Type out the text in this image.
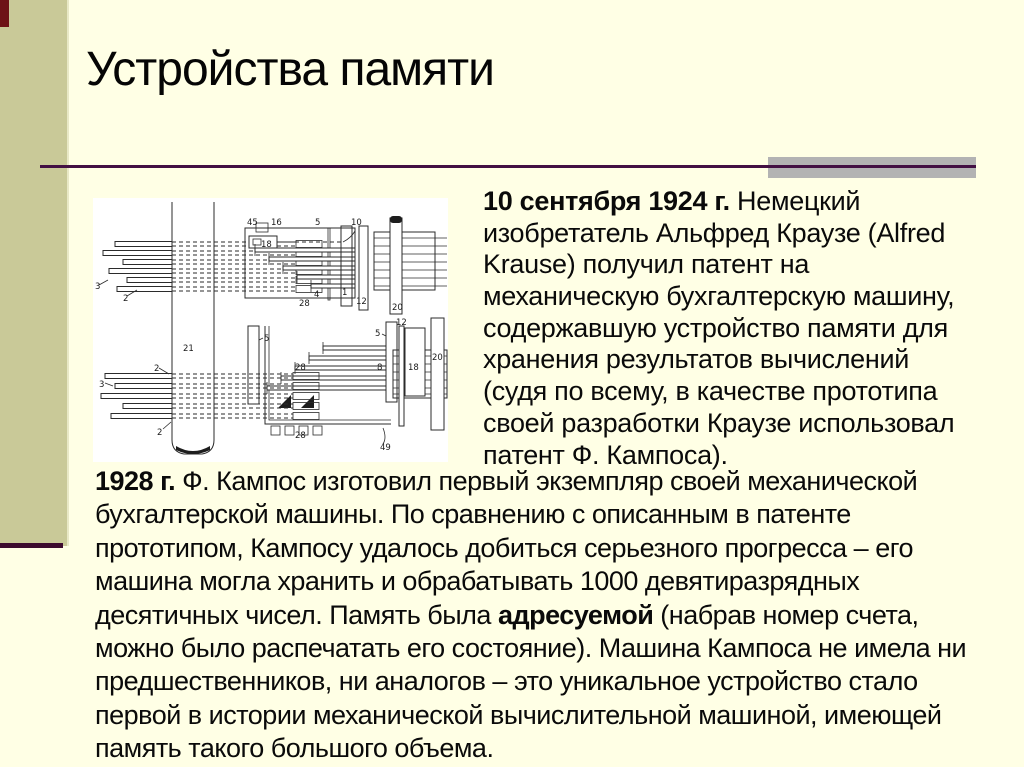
Устройства памяти
45 16	5	10
18
28
3
2	12
20
1
4
21
5	5
12
18
20
8
2
3
28
28
2
49
10 сентября 1924 г. Немецкий
изобретатель Альфред Краузе (Alfred
Krause) получил патент на
механическую бухгалтерскую машину,
содержавшую устройство памяти для
хранения результатов вычислений
(судя по всему, в качестве прототипа
своей разработки Краузе использовал
патент Ф. Кампоса).
1928 г. Ф. Кампос изготовил первый экземпляр своей механической
бухгалтерской машины. По сравнению с описанным в патенте
прототипом, Кампосу удалось добиться серьезного прогресса – его
машина могла хранить и обрабатывать 1000 девятиразрядных
десятичных чисел. Память была адресуемой (набрав номер счета,
можно было распечатать его состояние). Машина Кампоса не имела ни
предшественников, ни аналогов – это уникальное устройство стало
первой в истории механической вычислительной машиной, имеющей
память такого большого объема.
